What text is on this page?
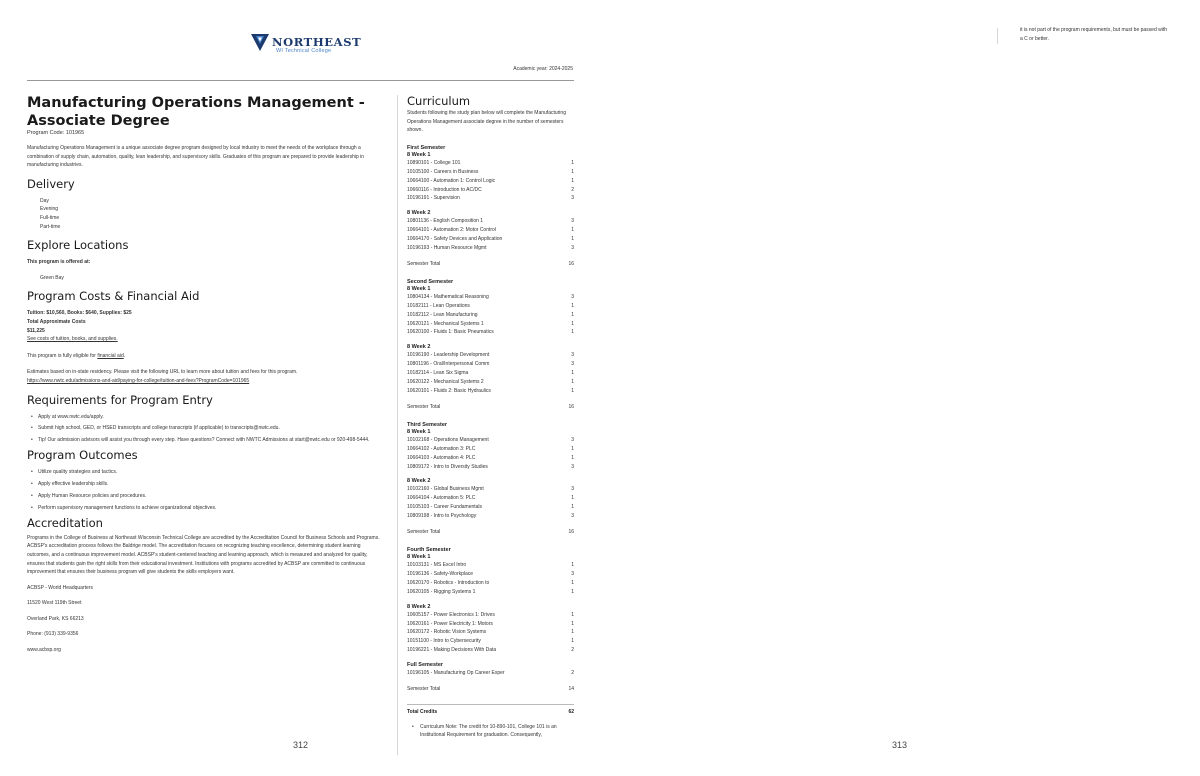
NORTHEAST
WI Technical College
Academic year: 2024-2025
Manufacturing Operations Management - Associate Degree
Program Code: 101965
Manufacturing Operations Management is a unique associate degree program designed by local industry to meet the needs of the workplace through a combination of supply chain, automation, quality, lean leadership, and supervisory skills. Graduates of this program are prepared to provide leadership in manufacturing industries.
Delivery
Day
Evening
Full-time
Part-time
Explore Locations
This program is offered at:
Green Bay
Program Costs & Financial Aid
Tuition: $10,560, Books: $640, Supplies: $25
Total Approximate Costs
$11,225
See costs of tuition, books, and supplies.
This program is fully eligible for financial aid.
Estimates based on in-state residency. Please visit the following URL to learn more about tuition and fees for this program.
https://www.nwtc.edu/admissions-and-aid/paying-for-college/tuition-and-fees?ProgramCode=101965
Requirements for Program Entry
• Apply at www.nwtc.edu/apply.
• Submit high school, GED, or HSED transcripts and college transcripts (if applicable) to transcripts@nwtc.edu.
• Tip! Our admission advisors will assist you through every step. Have questions? Connect with NWTC Admissions at start@nwtc.edu or 920-498-5444.
Program Outcomes
• Utilize quality strategies and tactics.
• Apply effective leadership skills.
• Apply Human Resource policies and procedures.
• Perform supervisory management functions to achieve organizational objectives.
Accreditation
Programs in the College of Business at Northeast Wisconsin Technical College are accredited by the Accreditation Council for Business Schools and Programs. ACBSP's accreditation process follows the Baldrige model. The accreditation focuses on recognizing teaching excellence, determining student learning outcomes, and a continuous improvement model. ACBSP's student-centered teaching and learning approach, which is measured and analyzed for quality, ensures that students gain the right skills from their educational investment. Institutions with programs accredited by ACBSP are committed to continuous improvement that ensures their business program will give students the skills employers want.
ACBSP - World Headquarters
11520 West 119th Street
Overland Park, KS 66213
Phone: (913) 339-9356
www.acbsp.org
Curriculum
Students following the study plan below will complete the Manufacturing Operations Management associate degree in the number of semesters shown.
First Semester
8 Week 1
10890101 - College 101	1
10105100 - Careers in Business	1
10664100 - Automation 1: Control Logic	1
10660116 - Introduction to AC/DC	2
10196191 - Supervision	3
8 Week 2
10801136 - English Composition 1	3
10664101 - Automation 2: Motor Control	1
10664170 - Safety Devices and Application	1
10196193 - Human Resource Mgmt	3
Semester Total	16
Second Semester
8 Week 1
10804134 - Mathematical Reasoning	3
10182111 - Lean Operations	1
10182112 - Lean Manufacturing	1
10620121 - Mechanical Systems 1	1
10620100 - Fluids 1: Basic Pneumatics	1
8 Week 2
10196190 - Leadership Development	3
10801196 - Oral/Interpersonal Comm	3
10182114 - Lean Six Sigma	1
10620122 - Mechanical Systems 2	1
10620101 - Fluids 2: Basic Hydraulics	1
Semester Total	16
Third Semester
8 Week 1
10102168 - Operations Management	3
10664102 - Automation 3: PLC	1
10664103 - Automation 4: PLC	1
10809172 - Intro to Diversity Studies	3
8 Week 2
10102160 - Global Business Mgmt	3
10664104 - Automation 5: PLC	1
10105103 - Career Fundamentals	1
10809198 - Intro to Psychology	3
Semester Total	16
Fourth Semester
8 Week 1
10103131 - MS Excel Intro	1
10196136 - Safety-Workplace	3
10620170 - Robotics - Introduction to	1
10620105 - Rigging Systems 1	1
8 Week 2
10605157 - Power Electronics 1: Drives	1
10620161 - Power Electricity 1: Motors	1
10620172 - Robotic Vision Systems	1
10151100 - Intro to Cybersecurity	1
10196221 - Making Decisions With Data	2
Full Semester
10196105 - Manufacturing Op Career Exper	2
Semester Total	14
Total Credits	62
• Curriculum Note: The credit for 10-890-101, College 101 is an Institutional Requirement for graduation. Consequently,
312
it is not part of the program requirements, but must be passed with a C or better.
313
